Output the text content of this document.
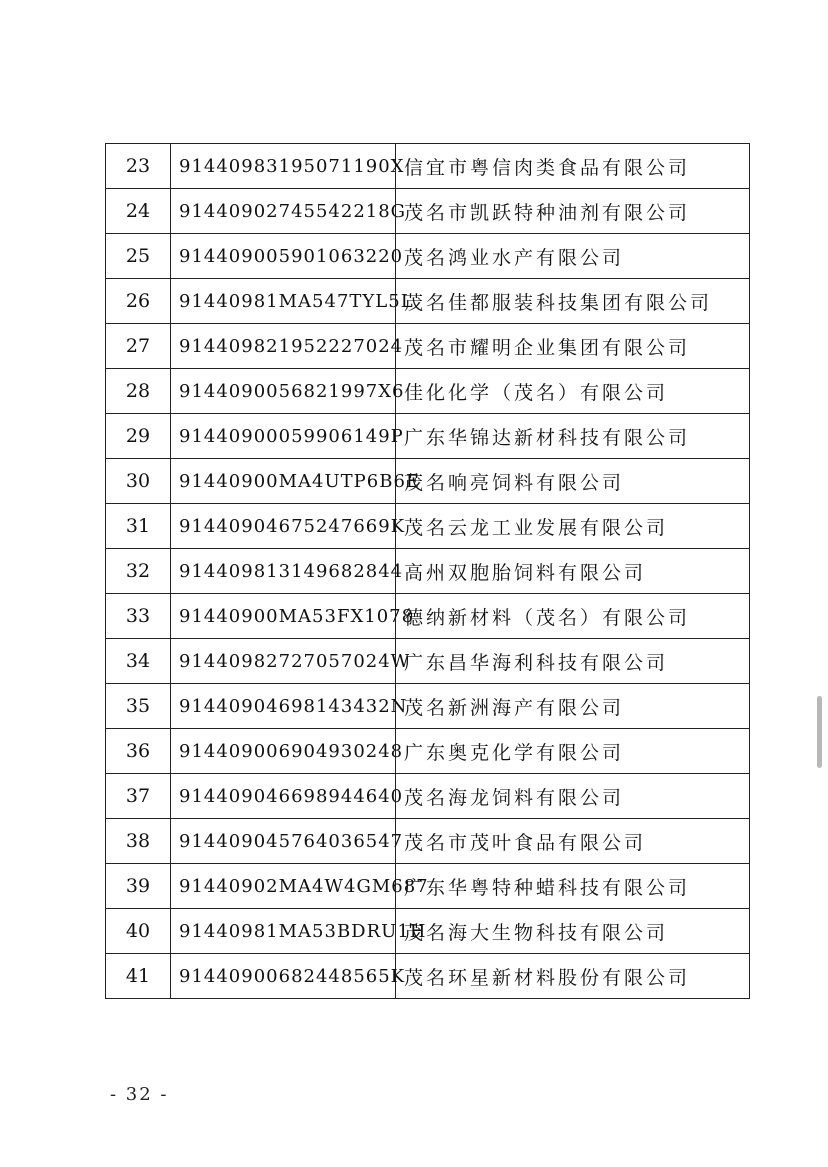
23	91440983195071190X	信宜市粤信肉类食品有限公司
24	91440902745542218G	茂名市凯跃特种油剂有限公司
25	914409005901063220	茂名鸿业水产有限公司
26	91440981MA547TYL5L	茂名佳都服装科技集团有限公司
27	914409821952227024	茂名市耀明企业集团有限公司
28	9144090056821997X6	佳化化学（茂名）有限公司
29	91440900059906149P	广东华锦达新材科技有限公司
30	91440900MA4UTP6B6E	茂名响亮饲料有限公司
31	91440904675247669K	茂名云龙工业发展有限公司
32	914409813149682844	高州双胞胎饲料有限公司
33	91440900MA53FX1078	德纳新材料（茂名）有限公司
34	91440982727057024W	广东昌华海利科技有限公司
35	91440904698143432N	茂名新洲海产有限公司
36	914409006904930248	广东奥克化学有限公司
37	914409046698944640	茂名海龙饲料有限公司
38	914409045764036547	茂名市茂叶食品有限公司
39	91440902MA4W4GM687	广东华粤特种蜡科技有限公司
40	91440981MA53BDRU1H	茂名海大生物科技有限公司
41	91440900682448565K	茂名环星新材料股份有限公司
- 32 -
